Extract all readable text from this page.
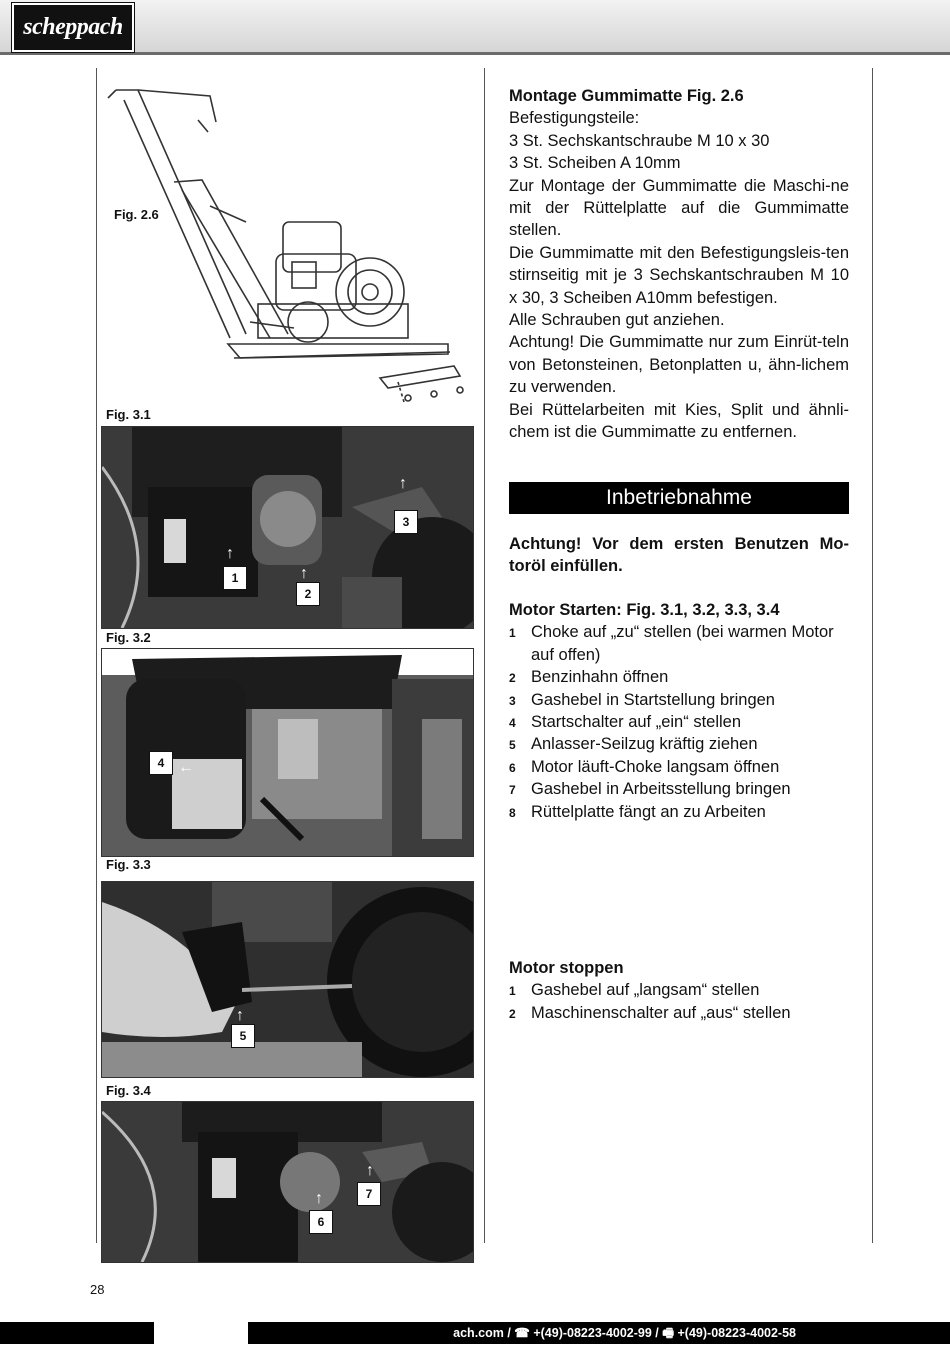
scheppach
Fig. 2.6
Fig. 3.1
↑
1	↑
2
↑
3
Fig. 3.2
←
4
Fig. 3.3
↑
5
Fig. 3.4
↑
6
↑
7
Montage Gummimatte Fig. 2.6
Befestigungsteile:
3 St. Sechskantschraube M 10 x 30
3 St. Scheiben A 10mm
Zur Montage der Gummimatte die Maschi-ne mit der Rüttelplatte auf die Gummimatte stellen.
Die Gummimatte mit den Befestigungsleis-ten stirnseitig mit je 3 Sechskantschrauben M 10 x 30, 3 Scheiben A10mm befestigen.
Alle Schrauben gut anziehen.
Achtung! Die Gummimatte nur zum Einrüt-teln von Betonsteinen, Betonplatten u, ähn-lichem zu verwenden.
Bei Rüttelarbeiten mit Kies, Split und ähnli-chem ist die Gummimatte zu entfernen.
Inbetriebnahme
Achtung! Vor dem ersten Benutzen Mo-toröl einfüllen.
Motor Starten: Fig. 3.1, 3.2, 3.3, 3.4
1 Choke auf „zu“ stellen (bei warmen Motor auf offen)
2 Benzinhahn öffnen
3 Gashebel in Startstellung bringen
4 Startschalter auf „ein“ stellen
5 Anlasser-Seilzug kräftig ziehen
6 Motor läuft-Choke langsam öffnen
7 Gashebel in Arbeitsstellung bringen
8 Rüttelplatte fängt an zu Arbeiten
Motor stoppen
1 Gashebel auf „langsam“ stellen
2 Maschinenschalter auf „aus“ stellen
28
ach.com / ☎ +(49)-08223-4002-99 / 🖷 +(49)-08223-4002-58
